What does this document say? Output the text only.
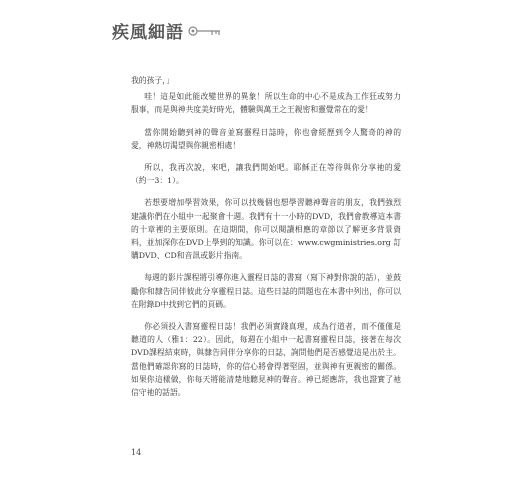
疾風細語

我的孩子，」

哇！這是如此能改變世界的異象！所以生命的中心不是成為工作狂或努力服事，而是與神共度美好時光，體驗與萬王之王親密和靈覺常在的愛！

當你開始聽到神的聲音並寫靈程日誌時，你也會經歷到令人驚奇的神的愛，神熱切渴望與你親密相處！

所以，我再次說，來吧，讓我們開始吧。耶穌正在等待與你分享祂的愛（約一3：1）。

若想要增加學習效果，你可以找幾個也想學習聽神聲音的朋友，我們強烈建議你們在小組中一起聚會十週。我們有十一小時的DVD，我們會教導這本書的十章裡的主要原則。在這期間，你可以閱讀相應的章節以了解更多背景資料，並加深你在DVD上學到的知識。你可以在：www.cwgministries.org 訂購DVD、CD和音訊或影片指南。

每週的影片課程將引導你進入靈程日誌的書寫（寫下神對你說的話），並鼓勵你和隸告同伴彼此分享靈程日誌。這些日誌的問題也在本書中列出，你可以在附錄D中找到它們的頁碼。

你必須投入書寫靈程日誌！我們必須實踐真理，成為行道者，而不僅僅是聽道的人（雅1：22）。因此，每週在小組中一起書寫靈程日誌，接著在每次DVD課程結束時，與隸告同伴分享你的日誌，詢問他們是否感覺這是出於主。當他們確認你寫的日誌時，你的信心將會得著堅固，並與神有更親密的關係。如果你這樣做，你每天將能清楚地聽見神的聲音。神已經應許，我也證實了祂信守祂的話語。

14
